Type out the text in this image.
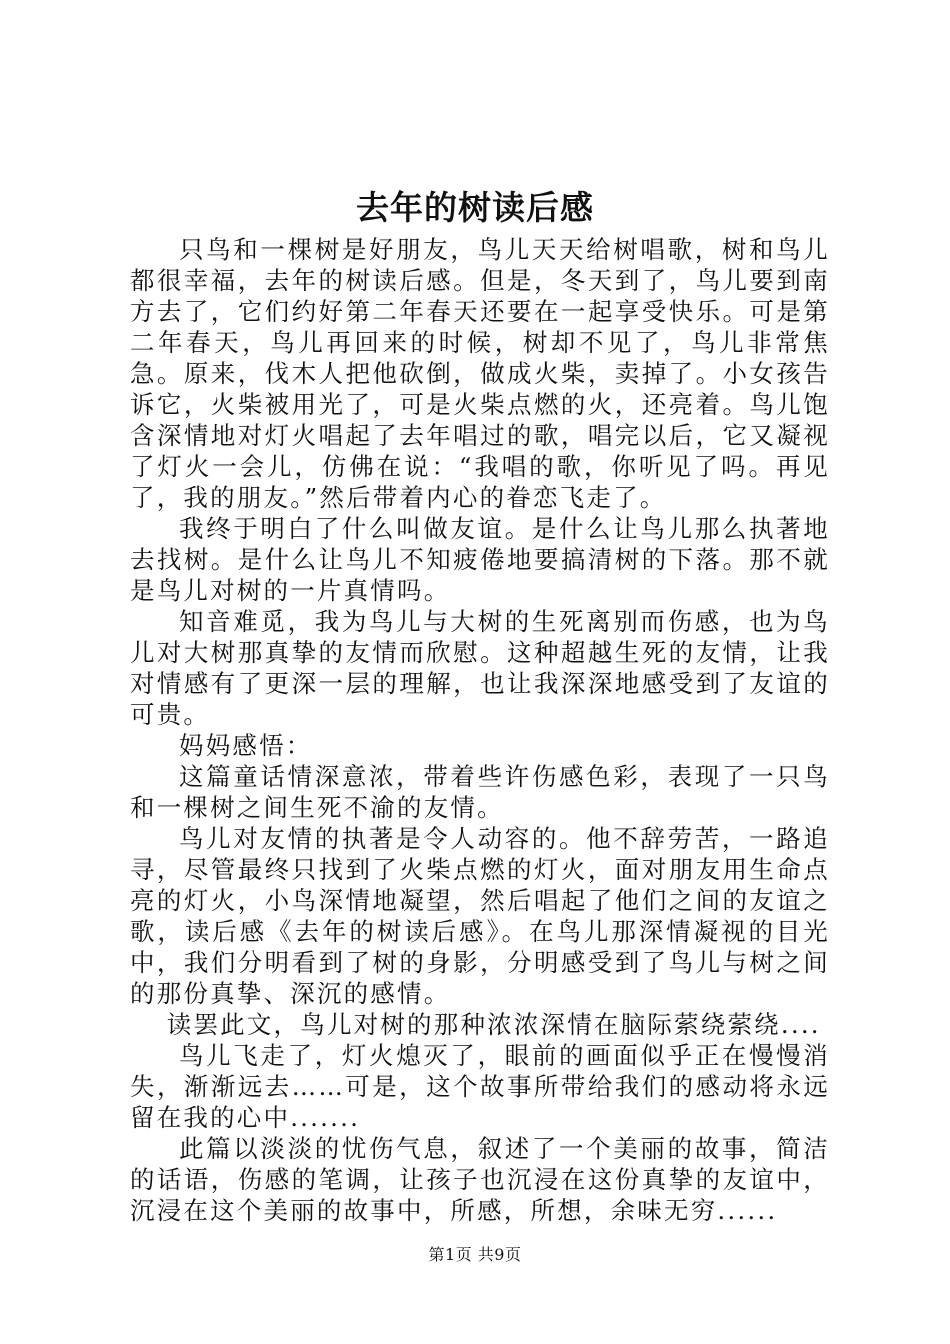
去年的树读后感

只鸟和一棵树是好朋友，鸟儿天天给树唱歌，树和鸟儿都很幸福，去年的树读后感。但是，冬天到了，鸟儿要到南方去了，它们约好第二年春天还要在一起享受快乐。可是第二年春天，鸟儿再回来的时候，树却不见了，鸟儿非常焦急。原来，伐木人把他砍倒，做成火柴，卖掉了。小女孩告诉它，火柴被用光了，可是火柴点燃的火，还亮着。鸟儿饱含深情地对灯火唱起了去年唱过的歌，唱完以后，它又凝视了灯火一会儿，仿佛在说：“我唱的歌，你听见了吗。再见了，我的朋友。”然后带着内心的眷恋飞走了。

我终于明白了什么叫做友谊。是什么让鸟儿那么执著地去找树。是什么让鸟儿不知疲倦地要搞清树的下落。那不就是鸟儿对树的一片真情吗。

知音难觅，我为鸟儿与大树的生死离别而伤感，也为鸟儿对大树那真挚的友情而欣慰。这种超越生死的友情，让我对情感有了更深一层的理解，也让我深深地感受到了友谊的可贵。

妈妈感悟：

这篇童话情深意浓，带着些许伤感色彩，表现了一只鸟和一棵树之间生死不渝的友情。

鸟儿对友情的执著是令人动容的。他不辞劳苦，一路追寻，尽管最终只找到了火柴点燃的灯火，面对朋友用生命点亮的灯火，小鸟深情地凝望，然后唱起了他们之间的友谊之歌，读后感《去年的树读后感》。在鸟儿那深情凝视的目光中，我们分明看到了树的身影，分明感受到了鸟儿与树之间的那份真挚、深沉的感情。

读罢此文，鸟儿对树的那种浓浓深情在脑际萦绕萦绕....

鸟儿飞走了，灯火熄灭了，眼前的画面似乎正在慢慢消失，渐渐远去……可是，这个故事所带给我们的感动将永远留在我的心中.......

此篇以淡淡的忧伤气息，叙述了一个美丽的故事，简洁的话语，伤感的笔调，让孩子也沉浸在这份真挚的友谊中，沉浸在这个美丽的故事中，所感，所想，余味无穷......

第1页 共9页
